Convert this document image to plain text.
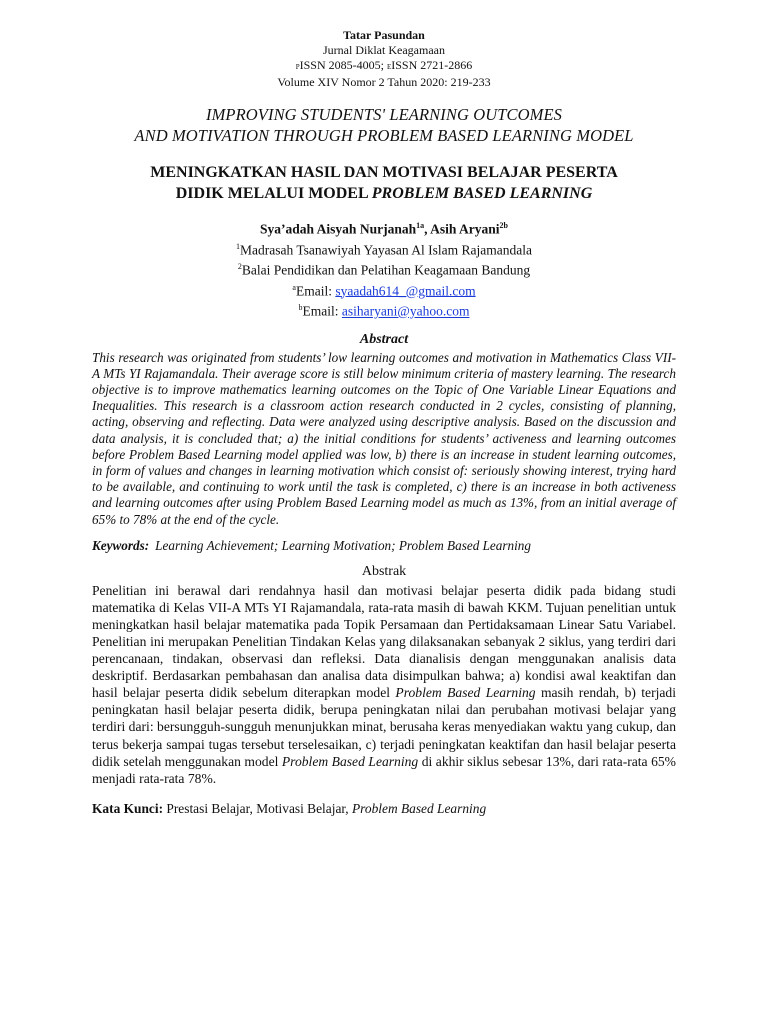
Tatar Pasundan
Jurnal Diklat Keagamaan
PISSN 2085-4005; EISSN 2721-2866
Volume XIV Nomor 2 Tahun 2020: 219-233
IMPROVING STUDENTS' LEARNING OUTCOMES
AND MOTIVATION THROUGH PROBLEM BASED LEARNING MODEL
MENINGKATKAN HASIL DAN MOTIVASI BELAJAR PESERTA
DIDIK MELALUI MODEL PROBLEM BASED LEARNING
Sya’adah Aisyah Nurjanah$^{1a}$, Asih Aryani$^{2b}$
$^1$Madrasah Tsanawiyah Yayasan Al Islam Rajamandala
$^2$Balai Pendidikan dan Pelatihan Keagamaan Bandung
$^a$Email: syaadah614_@gmail.com
$^b$Email: asiharyani@yahoo.com
Abstract

This research was originated from students’ low learning outcomes and motivation in Mathematics Class VII-A MTs YI Rajamandala. Their average score is still below minimum criteria of mastery learning. The research objective is to improve mathematics learning outcomes on the Topic of One Variable Linear Equations and Inequalities. This research is a classroom action research conducted in 2 cycles, consisting of planning, acting, observing and reflecting. Data were analyzed using descriptive analysis. Based on the discussion and data analysis, it is concluded that; a) the initial conditions for students’ activeness and learning outcomes before Problem Based Learning model applied was low, b) there is an increase in student learning outcomes, in form of values and changes in learning motivation which consist of: seriously showing interest, trying hard to be available, and continuing to work until the task is completed, c) there is an increase in both activeness and learning outcomes after using Problem Based Learning model as much as 13%, from an initial average of 65% to 78% at the end of the cycle.

Keywords: Learning Achievement; Learning Motivation; Problem Based Learning
Abstrak

Penelitian ini berawal dari rendahnya hasil dan motivasi belajar peserta didik pada bidang studi matematika di Kelas VII-A MTs YI Rajamandala, rata-rata masih di bawah KKM. Tujuan penelitian untuk meningkatkan hasil belajar matematika pada Topik Persamaan dan Pertidaksamaan Linear Satu Variabel. Penelitian ini merupakan Penelitian Tindakan Kelas yang dilaksanakan sebanyak 2 siklus, yang terdiri dari perencanaan, tindakan, observasi dan refleksi. Data dianalisis dengan menggunakan analisis data deskriptif. Berdasarkan pembahasan dan analisa data disimpulkan bahwa; a) kondisi awal keaktifan dan hasil belajar peserta didik sebelum diterapkan model Problem Based Learning masih rendah, b) terjadi peningkatan hasil belajar peserta didik, berupa peningkatan nilai dan perubahan motivasi belajar yang terdiri dari: bersungguh-sungguh menunjukkan minat, berusaha keras menyediakan waktu yang cukup, dan terus bekerja sampai tugas tersebut terselesaikan, c) terjadi peningkatan keaktifan dan hasil belajar peserta didik setelah menggunakan model Problem Based Learning di akhir siklus sebesar 13%, dari rata-rata 65% menjadi rata-rata 78%.

Kata Kunci: Prestasi Belajar, Motivasi Belajar, Problem Based Learning
